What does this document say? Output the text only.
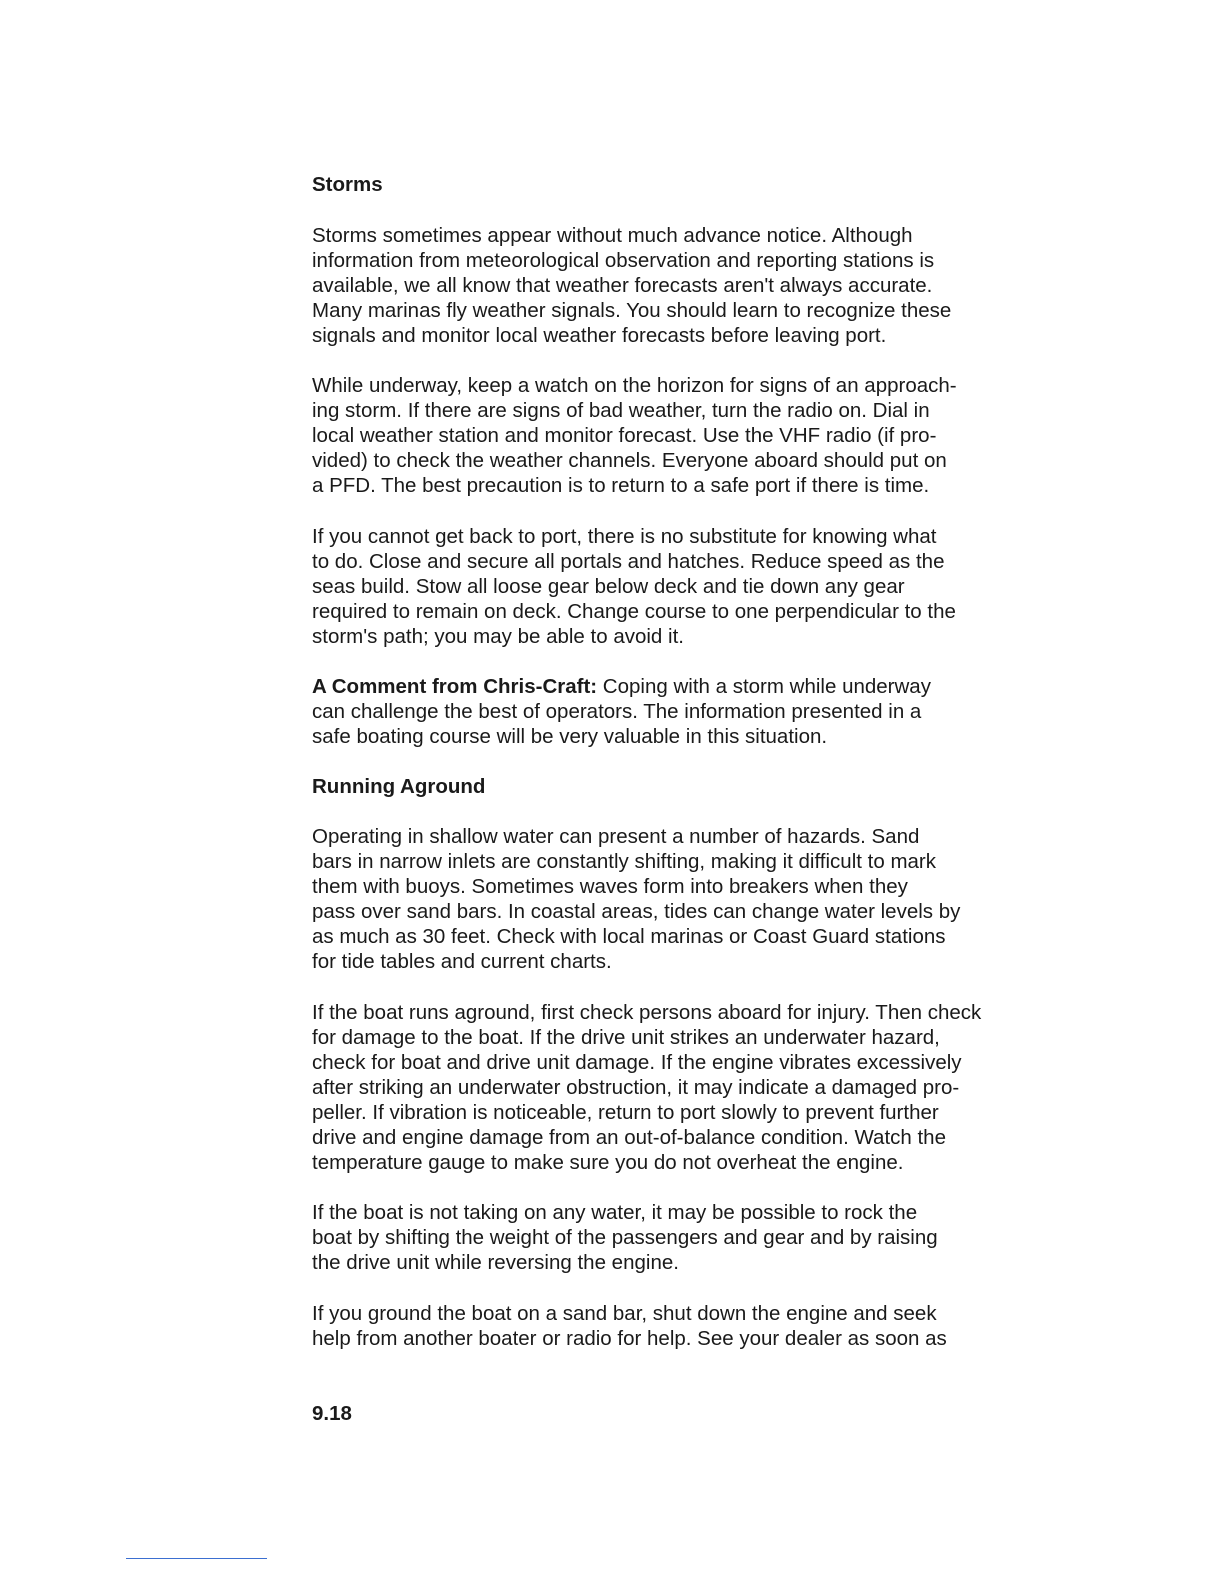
Storms
Storms sometimes appear without much advance notice. Although
information from meteorological observation and reporting stations is
available, we all know that weather forecasts aren't always accurate.
Many marinas fly weather signals. You should learn to recognize these
signals and monitor local weather forecasts before leaving port.
While underway, keep a watch on the horizon for signs of an approach-
ing storm. If there are signs of bad weather, turn the radio on. Dial in
local weather station and monitor forecast. Use the VHF radio (if pro-
vided) to check the weather channels. Everyone aboard should put on
a PFD. The best precaution is to return to a safe port if there is time.
If you cannot get back to port, there is no substitute for knowing what
to do. Close and secure all portals and hatches. Reduce speed as the
seas build. Stow all loose gear below deck and tie down any gear
required to remain on deck. Change course to one perpendicular to the
storm's path; you may be able to avoid it.
A Comment from Chris-Craft: Coping with a storm while underway
can challenge the best of operators. The information presented in a
safe boating course will be very valuable in this situation.
Running Aground
Operating in shallow water can present a number of hazards. Sand
bars in narrow inlets are constantly shifting, making it difficult to mark
them with buoys. Sometimes waves form into breakers when they
pass over sand bars. In coastal areas, tides can change water levels by
as much as 30 feet. Check with local marinas or Coast Guard stations
for tide tables and current charts.
If the boat runs aground, first check persons aboard for injury. Then check
for damage to the boat. If the drive unit strikes an underwater hazard,
check for boat and drive unit damage. If the engine vibrates excessively
after striking an underwater obstruction, it may indicate a damaged pro-
peller. If vibration is noticeable, return to port slowly to prevent further
drive and engine damage from an out-of-balance condition. Watch the
temperature gauge to make sure you do not overheat the engine.
If the boat is not taking on any water, it may be possible to rock the
boat by shifting the weight of the passengers and gear and by raising
the drive unit while reversing the engine.
If you ground the boat on a sand bar, shut down the engine and seek
help from another boater or radio for help. See your dealer as soon as

9.18
